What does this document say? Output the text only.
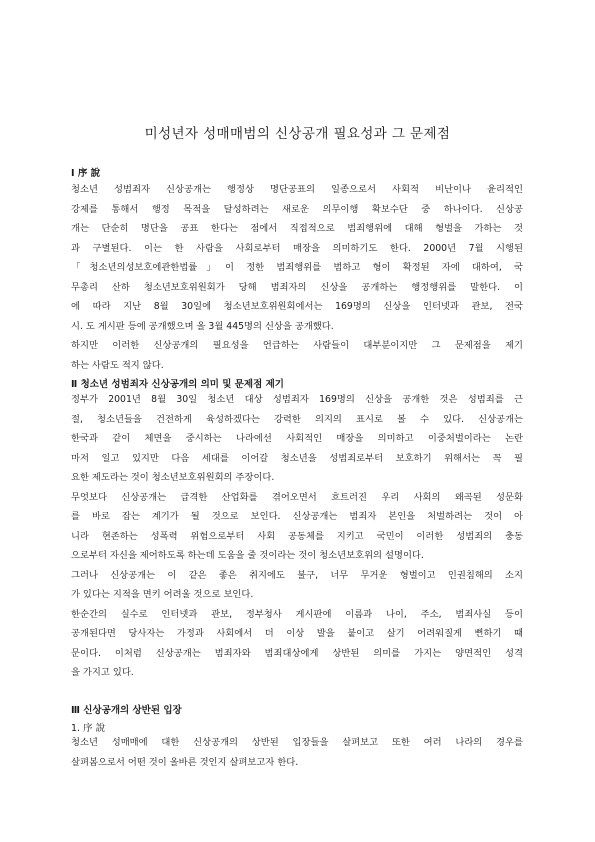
미성년자 성매매범의 신상공개 필요성과 그 문제점
Ⅰ 序 說
청소년 성범죄자 신상공개는 행정상 명단공표의 일종으로서 사회적 비난이나 윤리적인
강제를 통해서 행정 목적을 달성하려는 새로운 의무이행 확보수단 중 하나이다. 신상공
개는 단순히 명단을 공표 한다는 점에서 직접적으로 범죄행위에 대해 형벌을 가하는 것
과 구별된다. 이는 한 사람을 사회로부터 매장을 의미하기도 한다. 2000년 7월 시행된
「청소년의성보호에관한법률」이 정한 범죄행위를 범하고 형이 확정된 자에 대하여, 국
무총리 산하 청소년보호위원회가 당해 범죄자의 신상을 공개하는 행정행위를 말한다. 이
에 따라 지난 8월 30일에 청소년보호위원회에서는 169명의 신상을 인터넷과 관보, 전국
시. 도 게시판 등에 공개했으며 올 3월 445명의 신상을 공개했다.
하지만 이러한 신상공개의 필요성을 언급하는 사람들이 대부분이지만 그 문제점을 제기
하는 사람도 적지 않다.
Ⅱ 청소년 성범죄자 신상공개의 의미 및 문제점 제기
정부가 2001년 8월 30일 청소년 대상 성범죄자 169명의 신상을 공개한 것은 성범죄를 근
절, 청소년들을 건전하게 육성하겠다는 강력한 의지의 표시로 볼 수 있다. 신상공개는
한국과 같이 체면을 중시하는 나라에선 사회적인 매장을 의미하고 이중처벌이라는 논란
마저 일고 있지만 다음 세대를 이어갈 청소년을 성범죄로부터 보호하기 위해서는 꼭 필
요한 제도라는 것이 청소년보호위원회의 주장이다.
무엇보다 신상공개는 급격한 산업화를 겪어오면서 흐트러진 우리 사회의 왜곡된 성문화
를 바로 잡는 계기가 될 것으로 보인다. 신상공개는 범죄자 본인을 처벌하려는 것이 아
니라 현존하는 성폭력 위험으로부터 사회 공동체를 지키고 국민이 이러한 성범죄의 충동
으로부터 자신을 제어하도록 하는데 도움을 줄 것이라는 것이 청소년보호위의 설명이다.
그러나 신상공개는 이 같은 좋은 취지에도 불구, 너무 무거운 형벌이고 인권침해의 소지
가 있다는 지적을 면키 어려울 것으로 보인다.
한순간의 실수로 인터넷과 관보, 정부청사 게시판에 이름과 나이, 주소, 범죄사실 등이
공개된다면 당사자는 가정과 사회에서 더 이상 발을 붙이고 살기 어려워질게 뻔하기 때
문이다. 이처럼 신상공개는 범죄자와 범죄대상에게 상반된 의미를 가지는 양면적인 성격
을 가지고 있다.
Ⅲ 신상공개의 상반된 입장
1. 序 說
청소년 성매매에 대한 신상공개의 상반된 입장들을 살펴보고 또한 여러 나라의 경우를
살펴봄으로서 어떤 것이 올바른 것인지 살펴보고자 한다.
